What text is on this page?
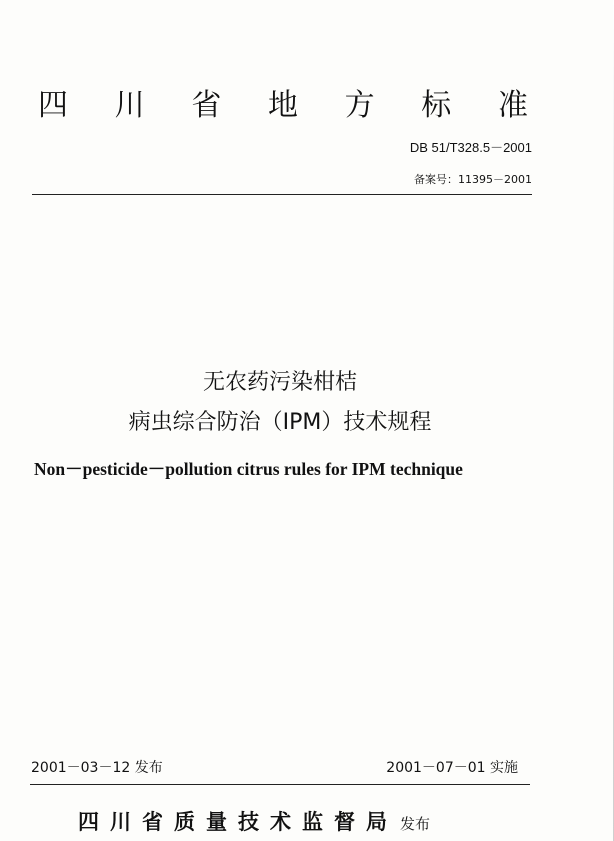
四 川 省 地 方 标 准
DB 51/T328.5－2001
备案号：11395－2001
无农药污染柑桔
病虫综合防治（IPM）技术规程
Non－pesticide－pollution citrus rules for IPM technique
2001－03－12 发布	2001－07－01 实施
四川省质量技术监督局 发布
